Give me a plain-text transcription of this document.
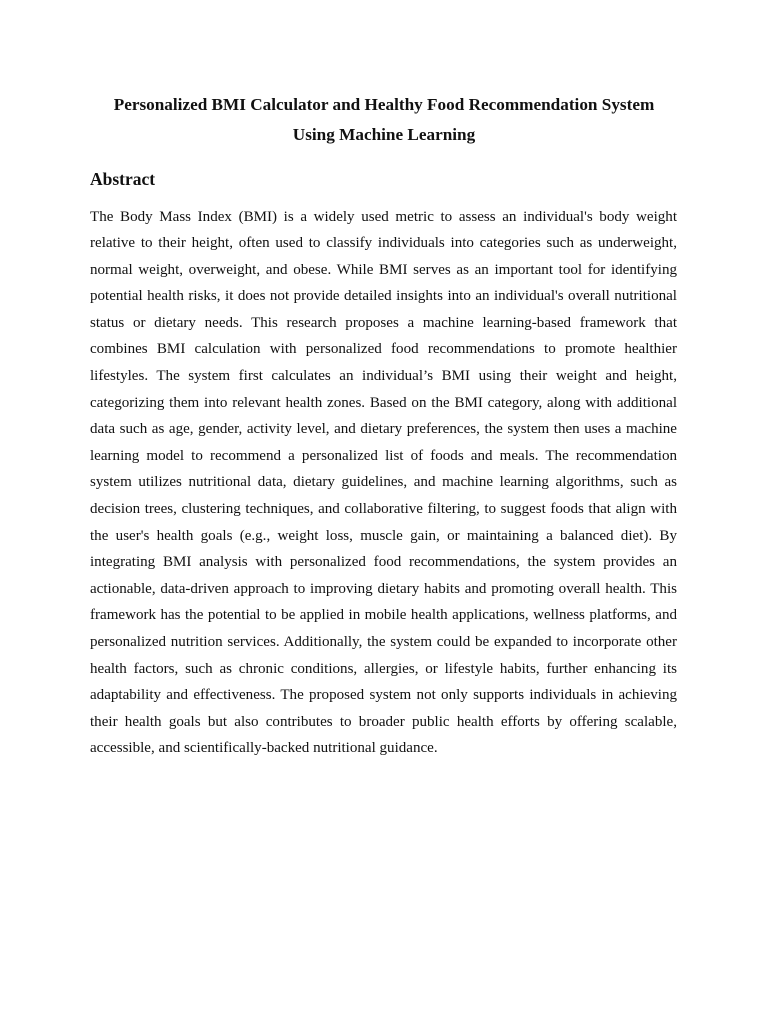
Personalized BMI Calculator and Healthy Food Recommendation System
Using Machine Learning
Abstract

The Body Mass Index (BMI) is a widely used metric to assess an individual's body weight relative to their height, often used to classify individuals into categories such as underweight, normal weight, overweight, and obese. While BMI serves as an important tool for identifying potential health risks, it does not provide detailed insights into an individual's overall nutritional status or dietary needs. This research proposes a machine learning-based framework that combines BMI calculation with personalized food recommendations to promote healthier lifestyles. The system first calculates an individual’s BMI using their weight and height, categorizing them into relevant health zones. Based on the BMI category, along with additional data such as age, gender, activity level, and dietary preferences, the system then uses a machine learning model to recommend a personalized list of foods and meals. The recommendation system utilizes nutritional data, dietary guidelines, and machine learning algorithms, such as decision trees, clustering techniques, and collaborative filtering, to suggest foods that align with the user's health goals (e.g., weight loss, muscle gain, or maintaining a balanced diet). By integrating BMI analysis with personalized food recommendations, the system provides an actionable, data-driven approach to improving dietary habits and promoting overall health. This framework has the potential to be applied in mobile health applications, wellness platforms, and personalized nutrition services. Additionally, the system could be expanded to incorporate other health factors, such as chronic conditions, allergies, or lifestyle habits, further enhancing its adaptability and effectiveness. The proposed system not only supports individuals in achieving their health goals but also contributes to broader public health efforts by offering scalable, accessible, and scientifically-backed nutritional guidance.
